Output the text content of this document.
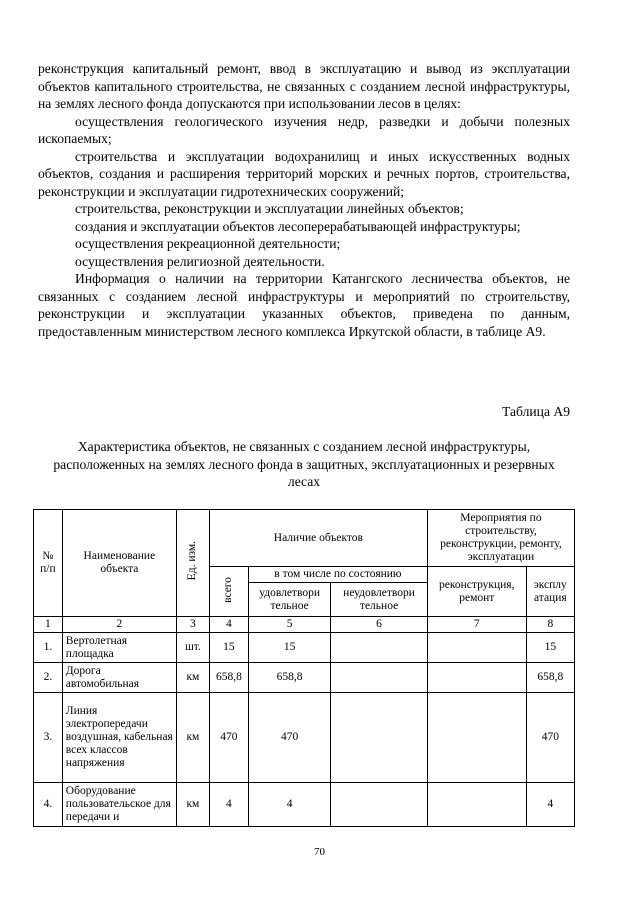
реконструкция капитальный ремонт, ввод в эксплуатацию и вывод из эксплуатации объектов капитального строительства, не связанных с созданием лесной инфраструктуры, на землях лесного фонда допускаются при использовании лесов в целях:

осуществления геологического изучения недр, разведки и добычи полезных ископаемых;

строительства и эксплуатации водохранилищ и иных искусственных водных объектов, создания и расширения территорий морских и речных портов, строительства, реконструкции и эксплуатации гидротехнических сооружений;

строительства, реконструкции и эксплуатации линейных объектов;

создания и эксплуатации объектов лесоперерабатывающей инфраструктуры;

осуществления рекреационной деятельности;

осуществления религиозной деятельности.

Информация о наличии на территории Катангского лесничества объектов, не связанных с созданием лесной инфраструктуры и мероприятий по строительству, реконструкции и эксплуатации указанных объектов, приведена по данным, предоставленным министерством лесного комплекса Иркутской области, в таблице А9.

Таблица А9
Характеристика объектов, не связанных с созданием лесной инфраструктуры, расположенных на землях лесного фонда в защитных, эксплуатационных и резервных лесах
№ п/п	Наименование объекта	Ед. изм.	Наличие объектов			Мероприятия по строительству, реконструкции, ремонту, эксплуатации	
			всего	в том числе по состоянию		реконструкция, ремонт	эксплу атация
				удовлетвори тельное	неудовлетвори тельное		
1	2	3	4	5	6	7	8
1.	Вертолетная площадка	шт.	15	15			15
2.	Дорога автомобильная	км	658,8	658,8			658,8
3.	Линия электропередачи воздушная, кабельная всех классов напряжения	км	470	470			470
4.	Оборудование пользовательское для передачи и	км	4	4			4
70
